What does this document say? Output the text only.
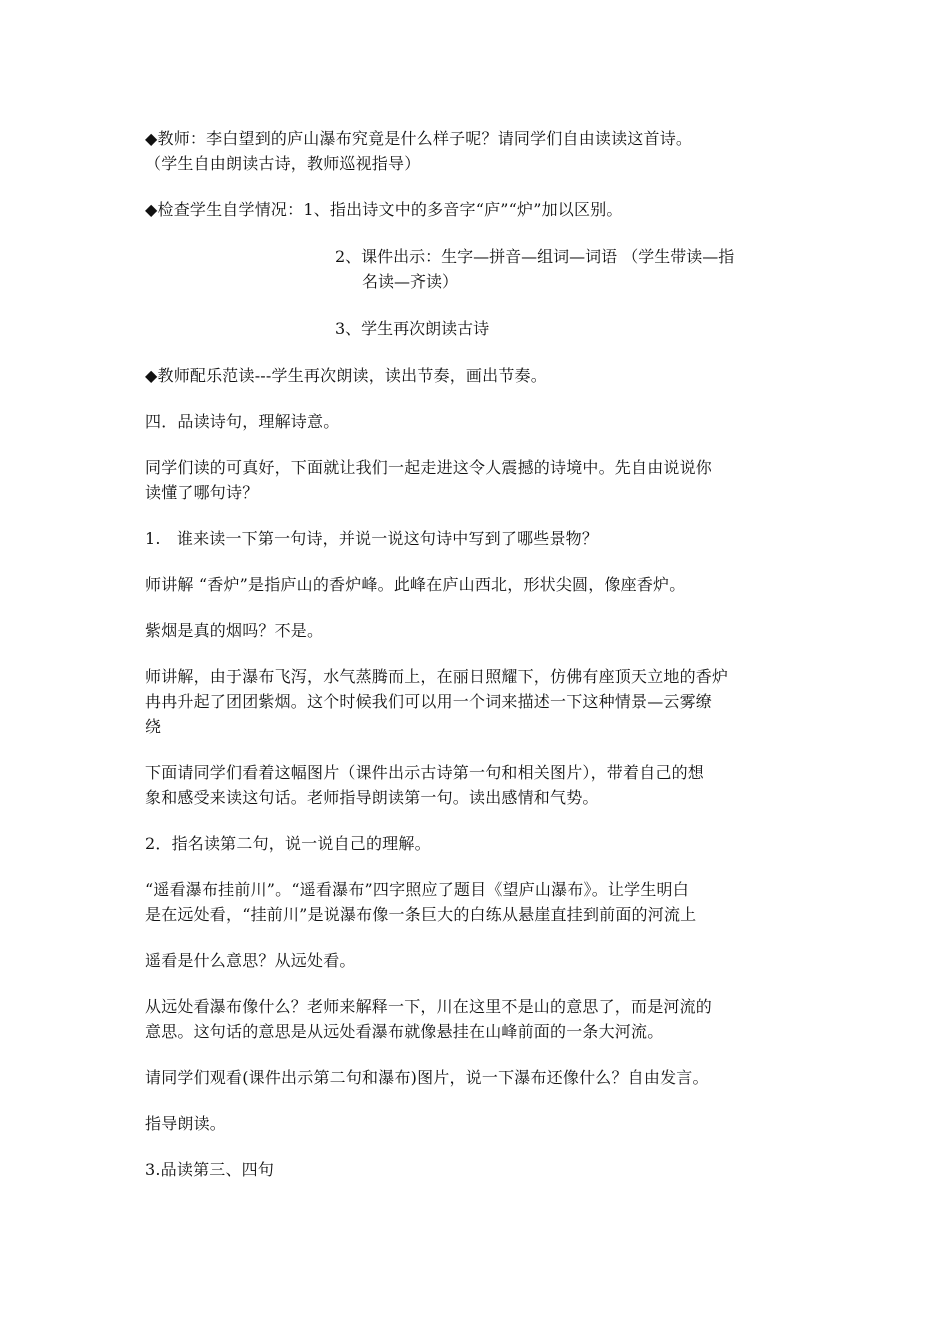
◆教师：李白望到的庐山瀑布究竟是什么样子呢？请同学们自由读读这首诗。
（学生自由朗读古诗，教师巡视指导）
◆检查学生自学情况：1、指出诗文中的多音字“庐”“炉”加以区别。
2、课件出示：生字—拼音—组词—词语 （学生带读—指
名读—齐读）
3、学生再次朗读古诗
◆教师配乐范读---学生再次朗读，读出节奏，画出节奏。
四．品读诗句，理解诗意。
同学们读的可真好，下面就让我们一起走进这令人震撼的诗境中。先自由说说你
读懂了哪句诗？
1.　谁来读一下第一句诗，并说一说这句诗中写到了哪些景物？
师讲解 “香炉”是指庐山的香炉峰。此峰在庐山西北，形状尖圆，像座香炉。
紫烟是真的烟吗？不是。
师讲解，由于瀑布飞泻，水气蒸腾而上，在丽日照耀下，仿佛有座顶天立地的香炉
冉冉升起了团团紫烟。这个时候我们可以用一个词来描述一下这种情景—云雾缭
绕
下面请同学们看着这幅图片（课件出示古诗第一句和相关图片），带着自己的想
象和感受来读这句话。老师指导朗读第一句。读出感情和气势。
2．指名读第二句，说一说自己的理解。
“遥看瀑布挂前川”。“遥看瀑布”四字照应了题目《望庐山瀑布》。让学生明白
是在远处看，“挂前川”是说瀑布像一条巨大的白练从悬崖直挂到前面的河流上
遥看是什么意思？从远处看。
从远处看瀑布像什么？老师来解释一下，川在这里不是山的意思了，而是河流的
意思。这句话的意思是从远处看瀑布就像悬挂在山峰前面的一条大河流。
请同学们观看(课件出示第二句和瀑布)图片，说一下瀑布还像什么？自由发言。
指导朗读。
3.品读第三、四句
